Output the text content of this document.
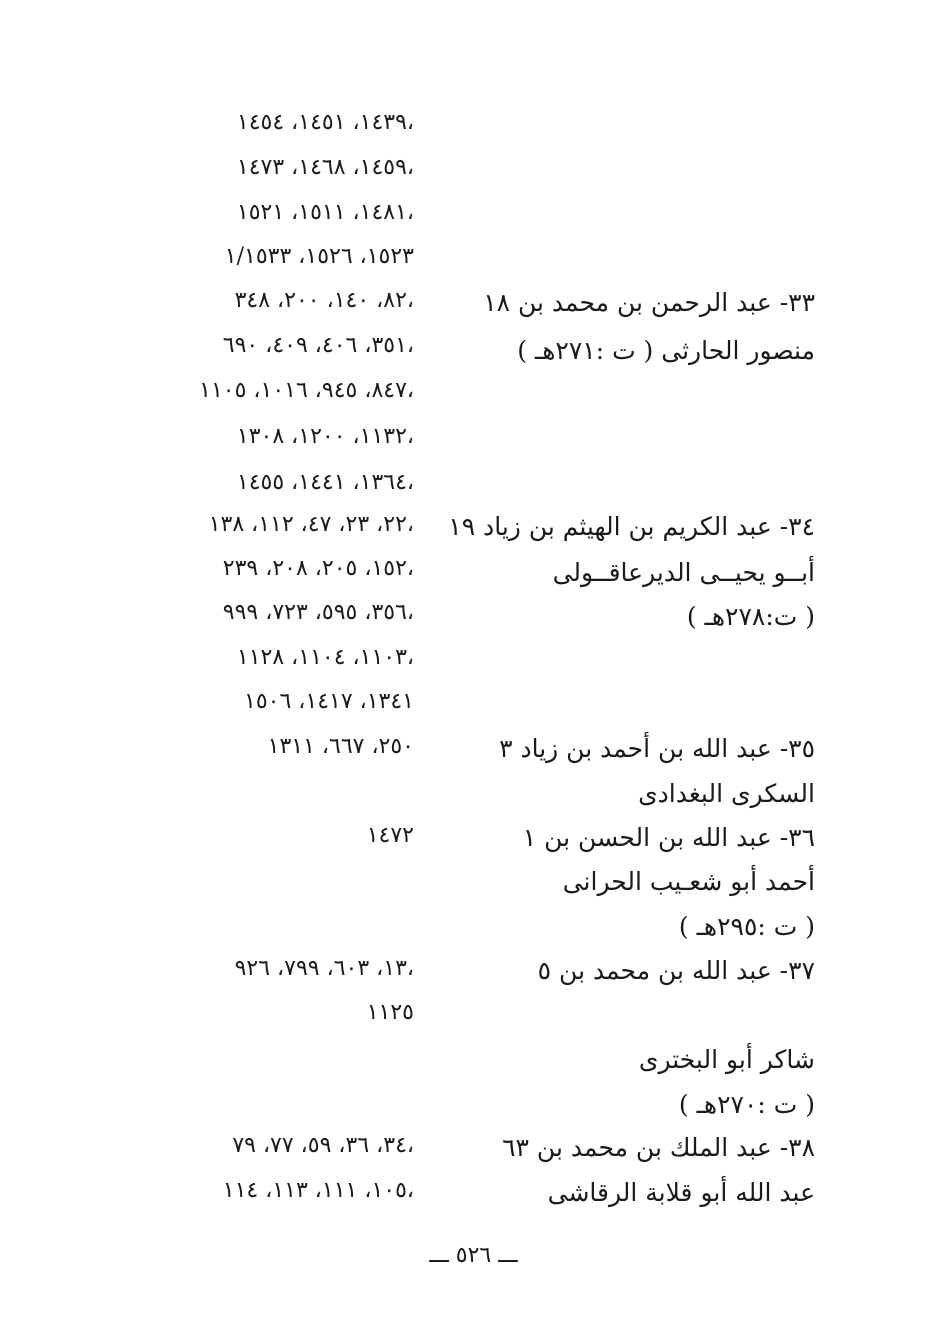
١٤٣٩، ١٤٥١، ١٤٥٤،
١٤٥٩، ١٤٦٨، ١٤٧٣،
١٤٨١، ١٥١١، ١٥٢١،
١٥٢٣، ١٥٢٦، ١/١٥٣٣
٣٣- عبد الرحمن بن محمد بن ١٨
منصور الحارثى ( ت :٢٧١هـ )
٨٢، ١٤٠، ٢٠٠، ٣٤٨،
٣٥١، ٤٠٦، ٤٠٩، ٦٩٠،
٨٤٧، ٩٤٥، ١٠١٦، ١١٠٥،
١١٣٢، ١٢٠٠، ١٣٠٨،
١٣٦٤، ١٤٤١، ١٤٥٥،
٣٤- عبد الكريم بن الهيثم بن زياد ١٩
أبــو يحيــى الديرعاقــولى
( ت:٢٧٨هـ )
٢٢، ٢٣، ٤٧، ١١٢، ١٣٨،
١٥٢، ٢٠٥، ٢٠٨، ٢٣٩،
٣٥٦، ٥٩٥، ٧٢٣، ٩٩٩،
١١٠٣، ١١٠٤، ١١٢٨،
١٣٤١، ١٤١٧، ١٥٠٦
٣٥- عبد الله بن أحمد بن زياد ٣
السكرى البغدادى
٢٥٠، ٦٦٧، ١٣١١
٣٦- عبد الله بن الحسن بن ١
أحمد أبو شعـيب الحرانى
( ت :٢٩٥هـ )
١٤٧٢
٣٧- عبد الله بن محمد بن ٥
شاكر أبو البخترى
( ت :٢٧٠هـ )
١٣، ٦٠٣، ٧٩٩، ٩٢٦،
١١٢٥
٣٨- عبد الملك بن محمد بن ٦٣
عبد الله أبو قلابة الرقاشى
٣٤، ٣٦، ٥٩، ٧٧، ٧٩،
١٠٥، ١١١، ١١٣، ١١٤،
ـــ ٥٢٦ ـــ
